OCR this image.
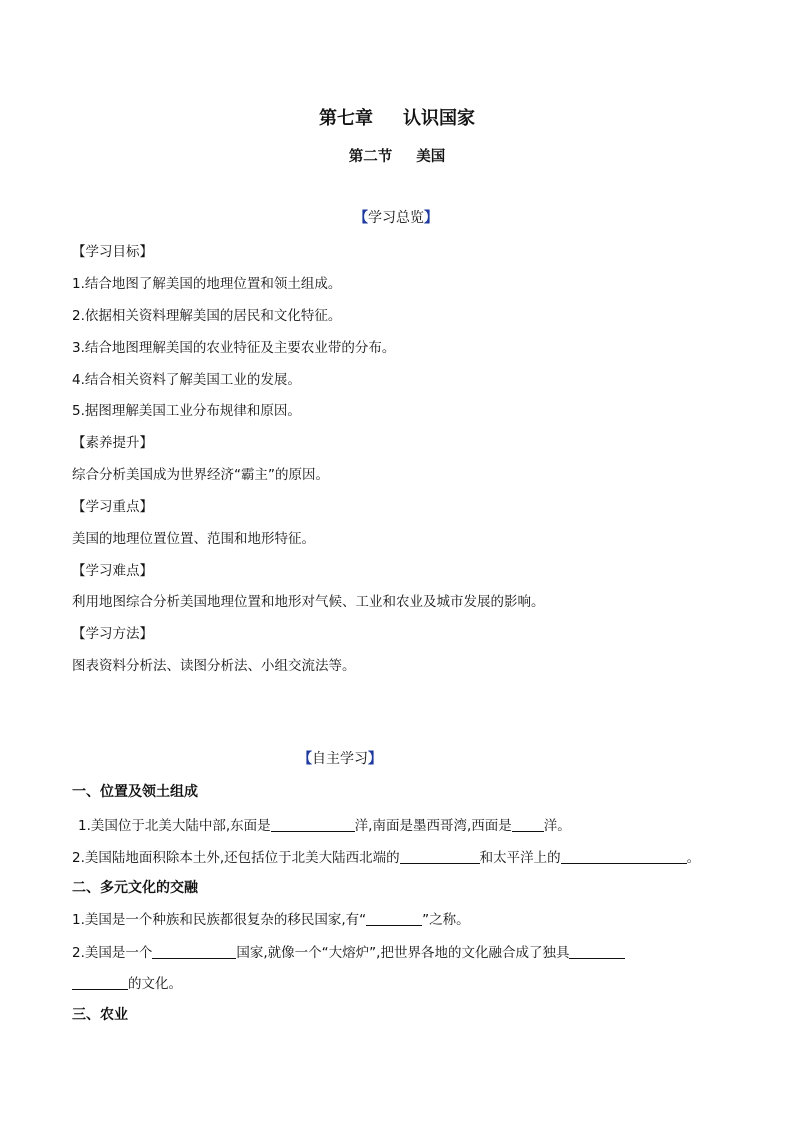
第七章 认识国家
第二节 美国
【学习总览】
【学习目标】
1.结合地图了解美国的地理位置和领土组成。
2.依据相关资料理解美国的居民和文化特征。
3.结合地图理解美国的农业特征及主要农业带的分布。
4.结合相关资料了解美国工业的发展。
5.据图理解美国工业分布规律和原因。
【素养提升】
综合分析美国成为世界经济“霸主”的原因。
【学习重点】
美国的地理位置位置、范围和地形特征。
【学习难点】
利用地图综合分析美国地理位置和地形对气候、工业和农业及城市发展的影响。
【学习方法】
图表资料分析法、读图分析法、小组交流法等。
【自主学习】
一、位置及领土组成
1.美国位于北美大陆中部,东面是	洋,南面是墨西哥湾,西面是 洋。
2.美国陆地面积除本土外,还包括位于北美大陆西北端的	和太平洋上的	。
二、多元文化的交融
1.美国是一个种族和民族都很复杂的移民国家,有“	”之称。
2.美国是一个	国家,就像一个“大熔炉”,把世界各地的文化融合成了独具
的文化。
三、农业
